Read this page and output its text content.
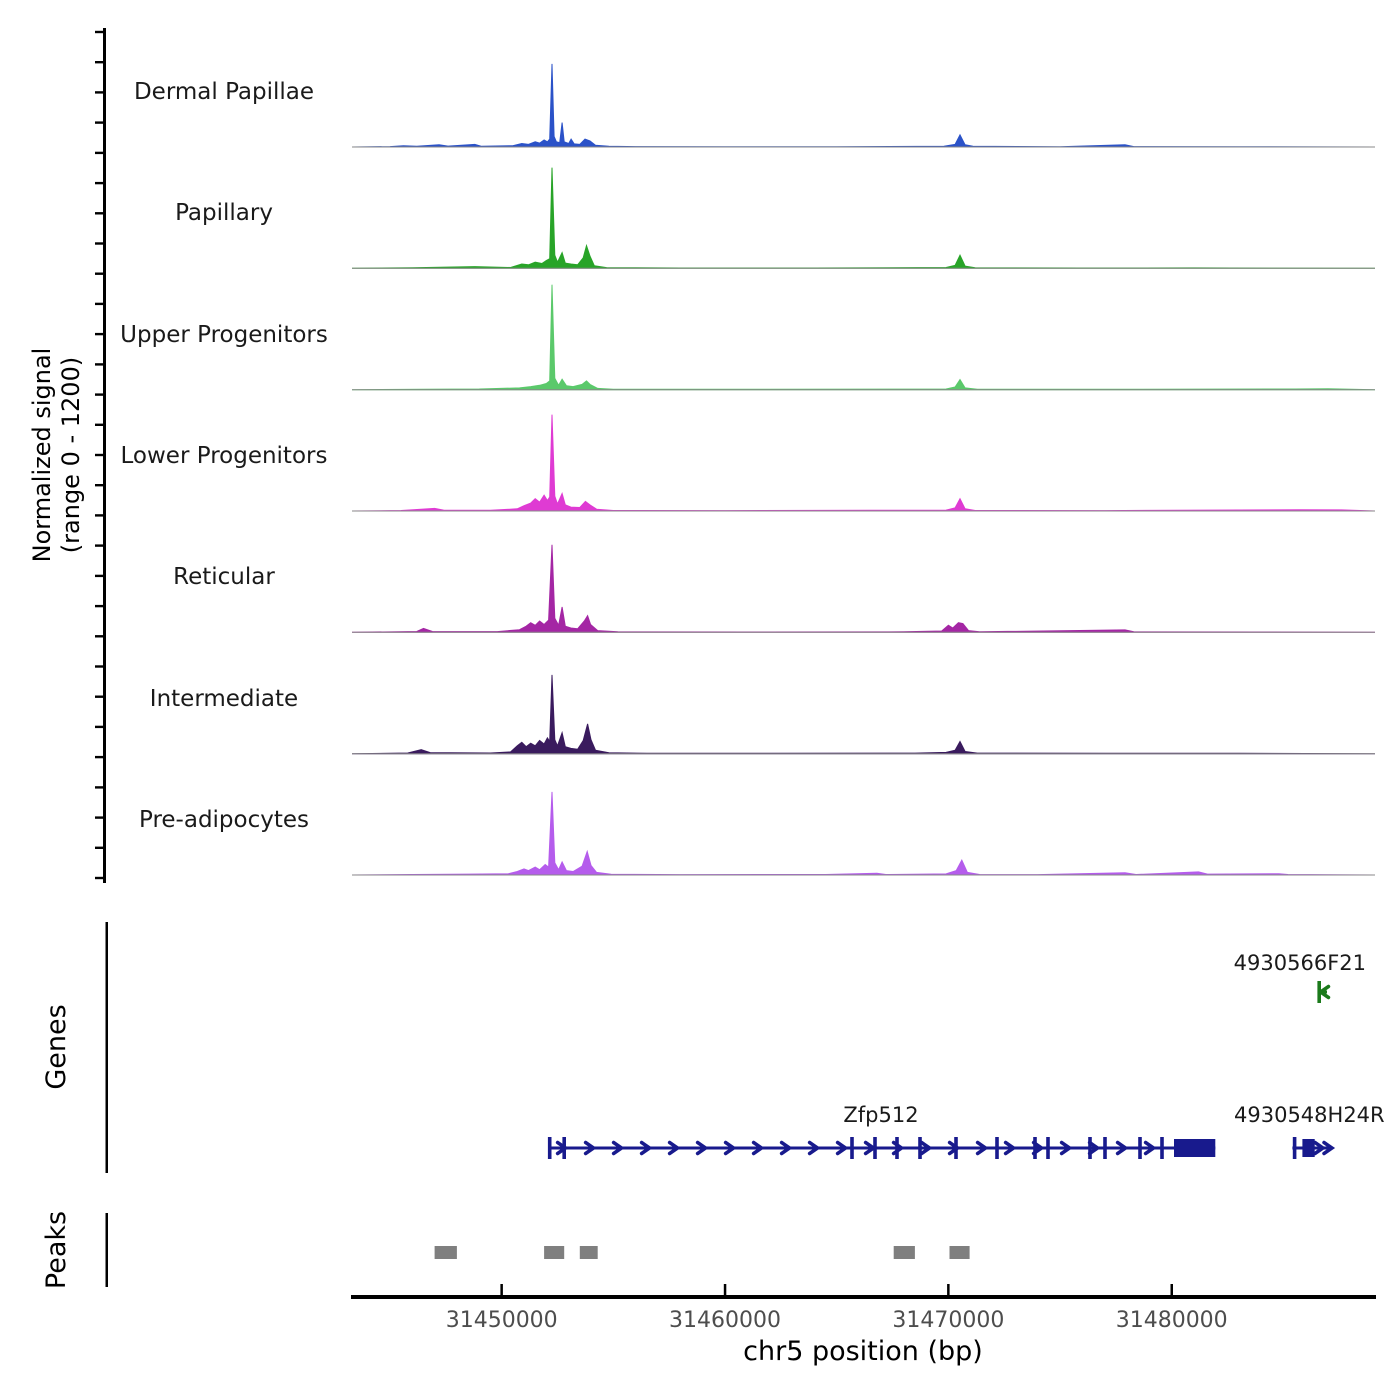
4930566F21
Zfp512	4930548H24R
31450000	31460000	31470000	31480000
Dermal Papillae
Papillary
Upper Progenitors
Lower Progenitors
Reticular
Intermediate
Pre-adipocytes
Normalized signal (range 0 - 1200)
Genes
Peaks
chr5 position (bp)
